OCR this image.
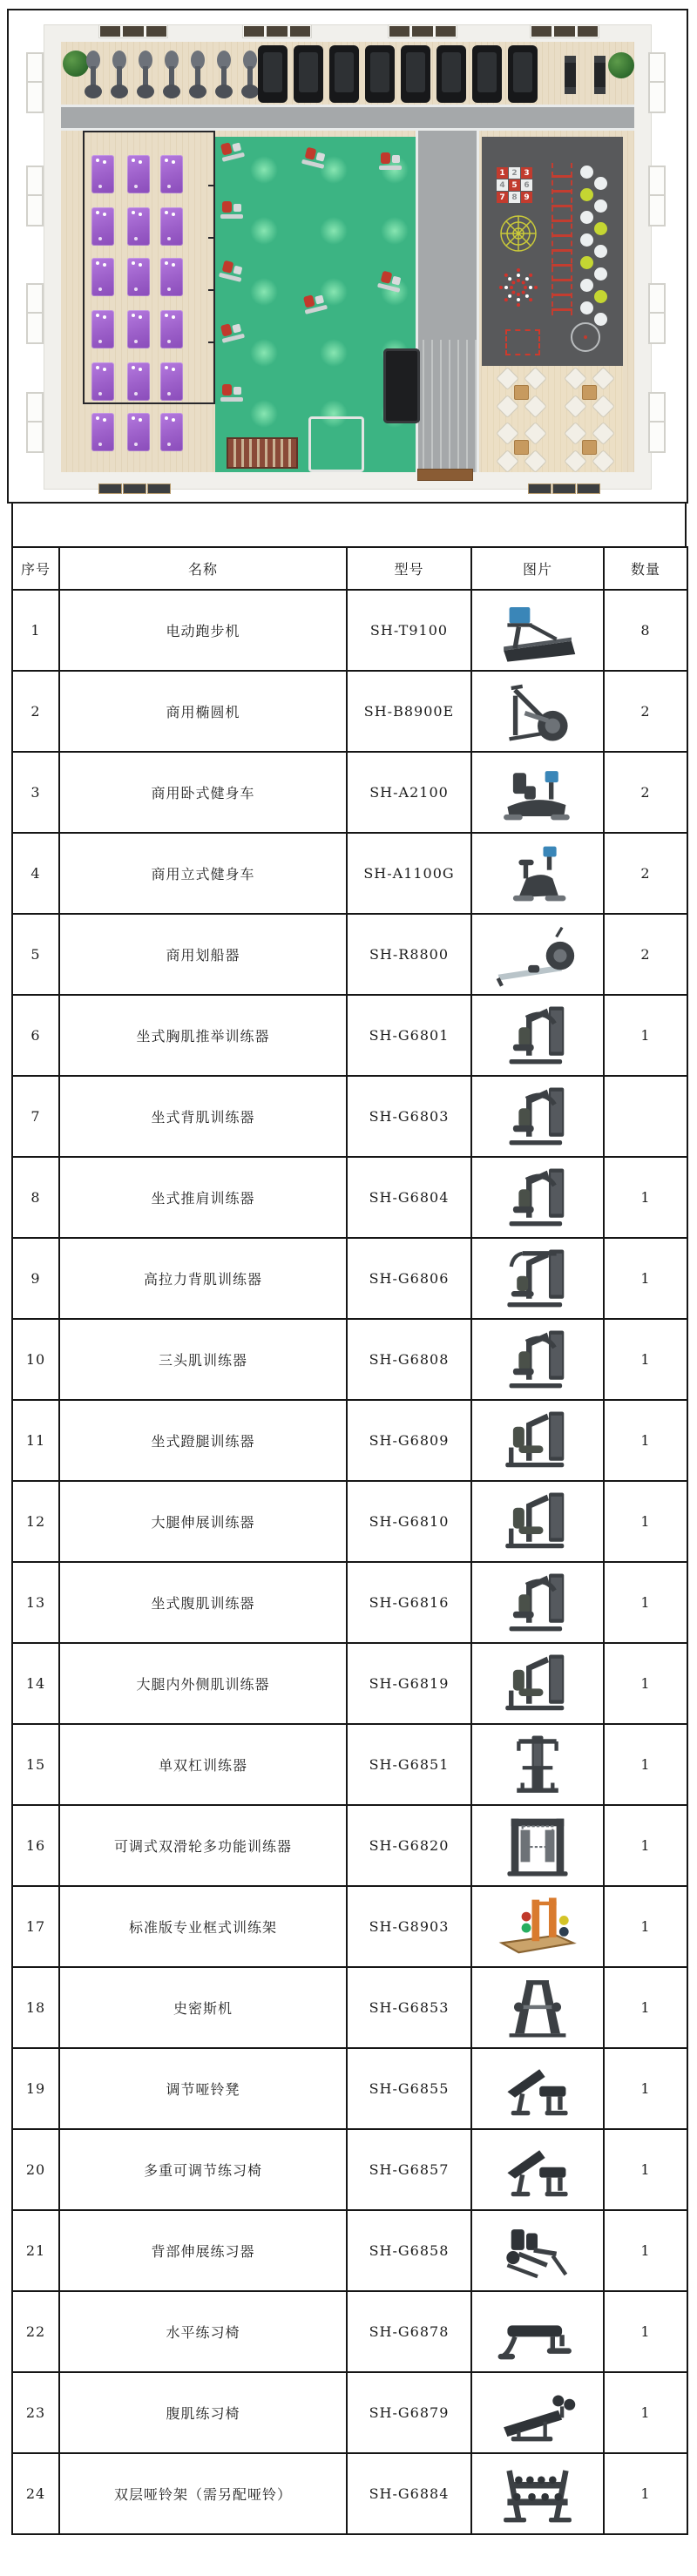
1 2 3
4 5 6
7 8 9
序号	名称	型号	图片	数量
1	电动跑步机	SH-T9100		8
2	商用椭圆机	SH-B8900E		2
3	商用卧式健身车	SH-A2100		2
4	商用立式健身车	SH-A1100G		2
5	商用划船器	SH-R8800		2
6	坐式胸肌推举训练器	SH-G6801		1
7	坐式背肌训练器	SH-G6803	

8	坐式推肩训练器	SH-G6804		1
9	高拉力背肌训练器	SH-G6806		1
10	三头肌训练器	SH-G6808		1
11	坐式蹬腿训练器	SH-G6809		1
12	大腿伸展训练器	SH-G6810		1
13	坐式腹肌训练器	SH-G6816		1
14	大腿内外侧肌训练器	SH-G6819		1
15	单双杠训练器	SH-G6851		1
16	可调式双滑轮多功能训练器	SH-G6820		1
17	标准版专业框式训练架	SH-G8903		1
18	史密斯机	SH-G6853		1
19	调节哑铃凳	SH-G6855		1
20	多重可调节练习椅	SH-G6857		1
21	背部伸展练习器	SH-G6858		1
22	水平练习椅	SH-G6878		1
23	腹肌练习椅	SH-G6879		1
24	双层哑铃架（需另配哑铃）	SH-G6884		1
